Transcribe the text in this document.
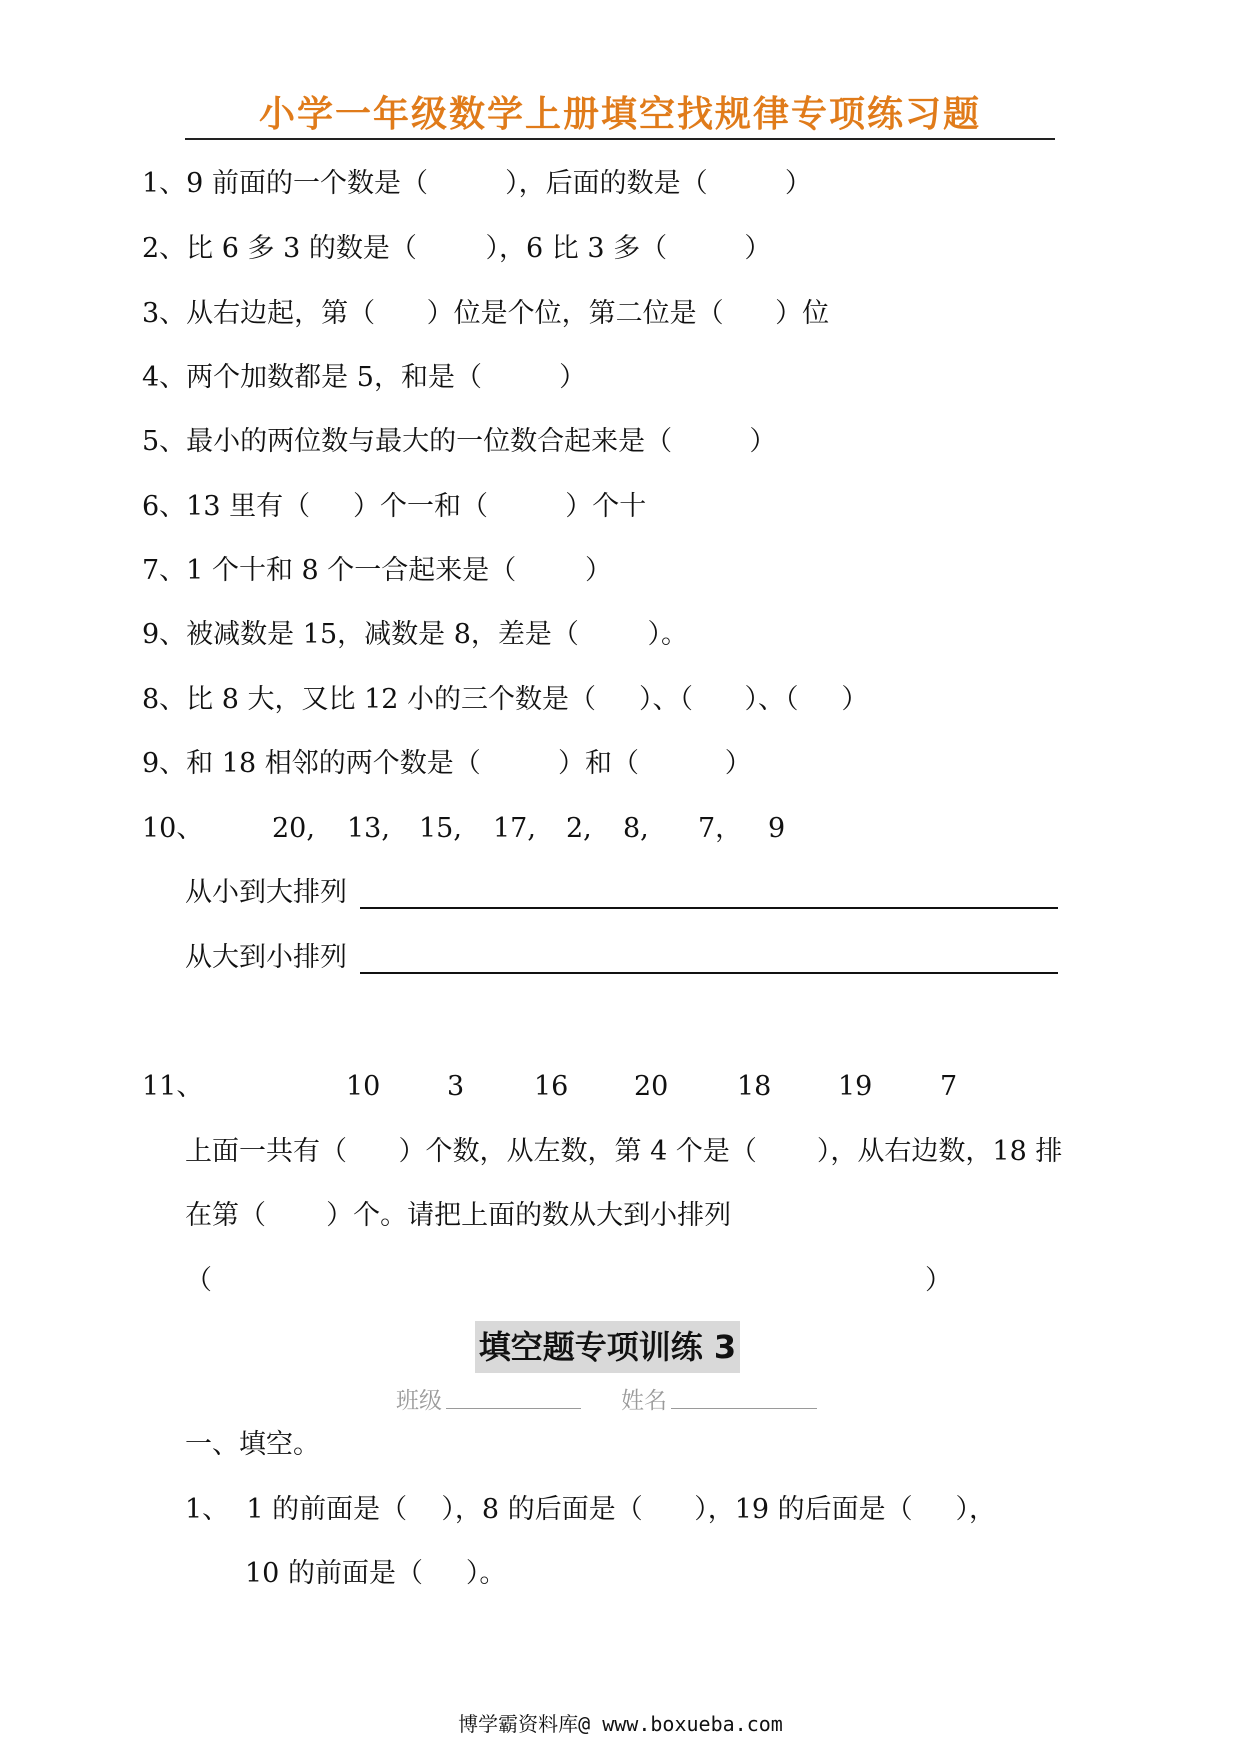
小学一年级数学上册填空找规律专项练习题
1、9 前面的一个数是（         ），后面的数是（         ）
2、比 6 多 3 的数是（        ），6 比 3 多（         ）
3、从右边起，第（      ）位是个位，第二位是（      ）位
4、两个加数都是 5，和是（         ）
5、最小的两位数与最大的一位数合起来是（         ）
6、13 里有（     ）个一和（         ）个十
7、1 个十和 8 个一合起来是（        ）
9、被减数是 15，减数是 8，差是（        ）。
8、比 8 大，又比 12 小的三个数是（     ）、（      ）、（     ）
9、和 18 相邻的两个数是（         ）和（          ）
10、	20, 13, 15, 17, 2, 8, 7， 9
从小到大排列
从大到小排列
11、	10 3	16 20	18 19	7
上面一共有（      ）个数，从左数，第 4 个是（       ），从右边数，18 排
在第（       ）个。请把上面的数从大到小排列
（	）
填空题专项训练 3
班级	姓名
一、填空。
1、  1 的前面是（    ），8 的后面是（      ），19 的后面是（     ），
10 的前面是（     ）。
博学霸资料库@ www.boxueba.com
